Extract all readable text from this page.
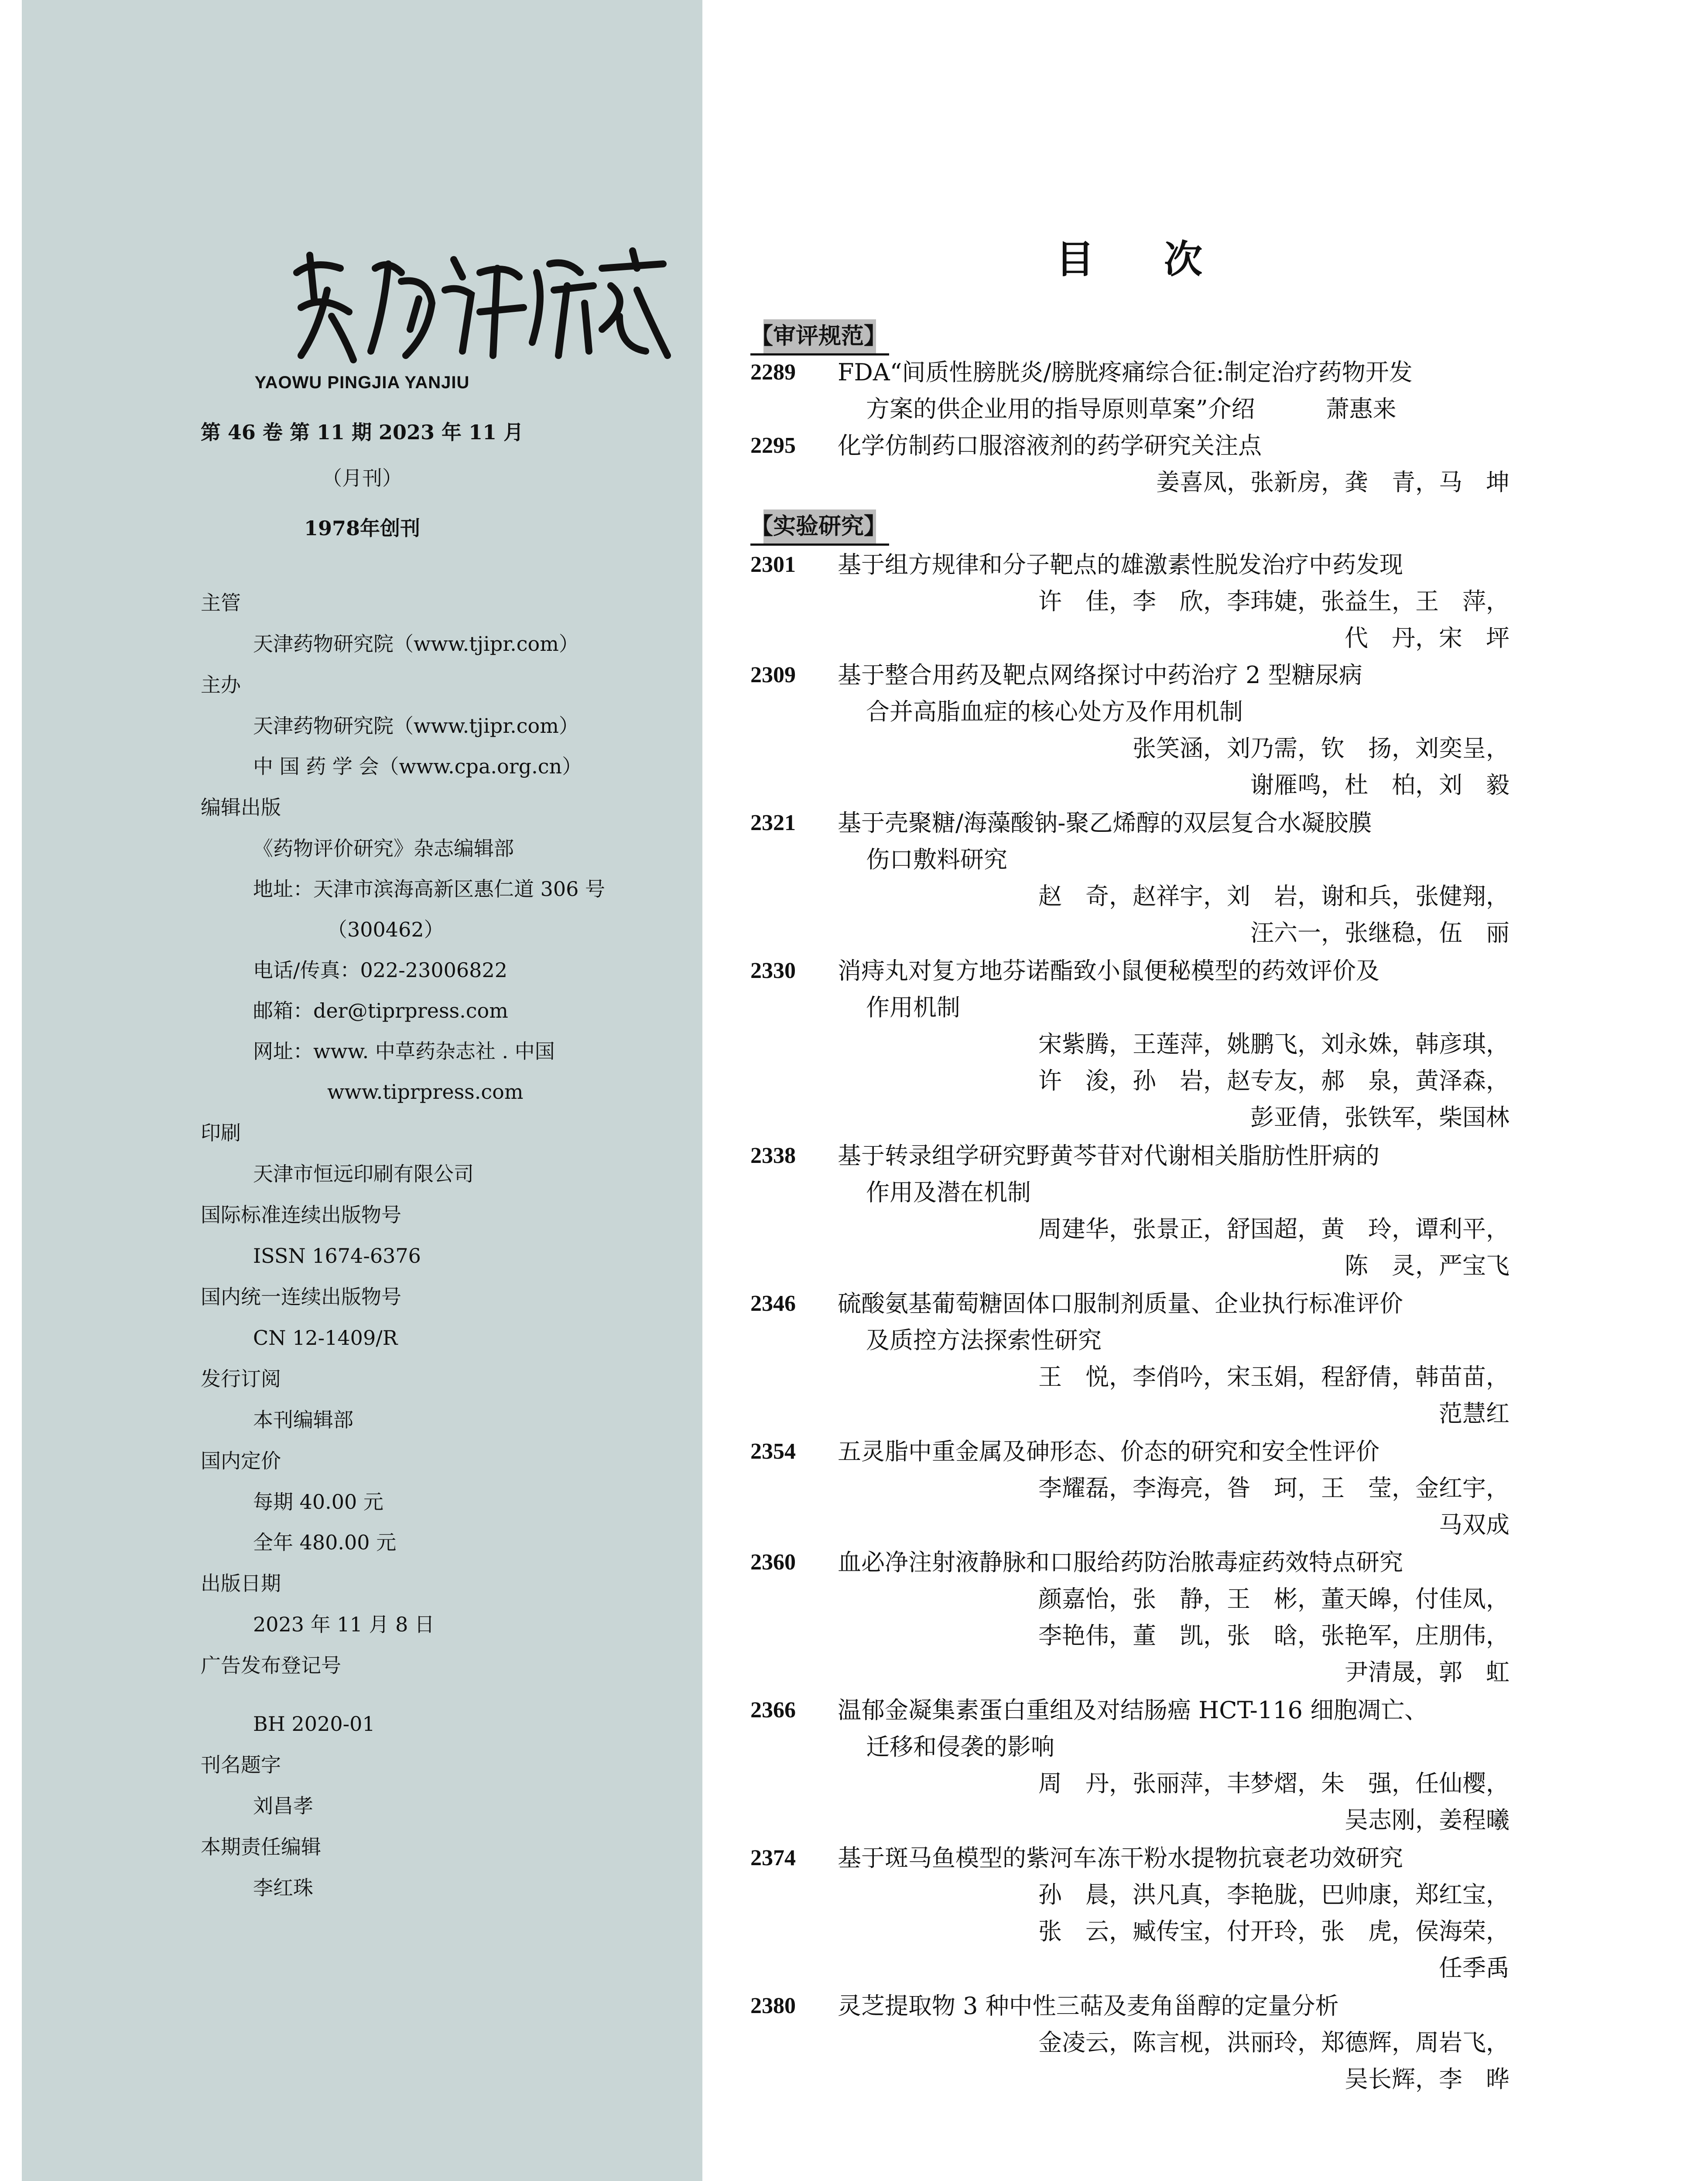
YAOWU PINGJIA YANJIU
第 46 卷 第 11 期 2023 年 11 月
（月刊）
1978年创刊
主管
天津药物研究院（www.tjipr.com）
主办
天津药物研究院（www.tjipr.com）
中 国 药 学 会（www.cpa.org.cn）
编辑出版
《药物评价研究》杂志编辑部
地址：天津市滨海高新区惠仁道 306 号
（300462）
电话/传真：022-23006822
邮箱：der@tiprpress.com
网址：www. 中草药杂志社 . 中国
www.tiprpress.com
印刷
天津市恒远印刷有限公司
国际标准连续出版物号
ISSN 1674-6376
国内统一连续出版物号
CN 12-1409/R
发行订阅
本刊编辑部
国内定价
每期 40.00 元
全年 480.00 元
出版日期
2023 年 11 月 8 日
广告发布登记号
BH 2020-01
刊名题字
刘昌孝
本期责任编辑
李红珠
目次
【审评规范】
2289 FDA“间质性膀胱炎/膀胱疼痛综合征:制定治疗药物开发
方案的供企业用的指导原则草案”介绍　　　萧惠来
2295 化学仿制药口服溶液剂的药学研究关注点
姜喜凤，张新房，龚　青，马　坤
【实验研究】
2301 基于组方规律和分子靶点的雄激素性脱发治疗中药发现
许　佳，李　欣，李玮婕，张益生，王　萍，
代　丹，宋　坪
2309 基于整合用药及靶点网络探讨中药治疗 2 型糖尿病
合并高脂血症的核心处方及作用机制
张笑涵，刘乃需，钦　扬，刘奕呈，
谢雁鸣，杜　柏，刘　毅
2321 基于壳聚糖/海藻酸钠-聚乙烯醇的双层复合水凝胶膜
伤口敷料研究
赵　奇，赵祥宇，刘　岩，谢和兵，张健翔，
汪六一，张继稳，伍　丽
2330 消痔丸对复方地芬诺酯致小鼠便秘模型的药效评价及
作用机制
宋紫腾，王莲萍，姚鹏飞，刘永姝，韩彦琪，
许　浚，孙　岩，赵专友，郝　泉，黄泽森，
彭亚倩，张铁军，柴国林
2338 基于转录组学研究野黄芩苷对代谢相关脂肪性肝病的
作用及潜在机制
周建华，张景正，舒国超，黄　玲，谭利平，
陈　灵，严宝飞
2346 硫酸氨基葡萄糖固体口服制剂质量、企业执行标准评价
及质控方法探索性研究
王　悦，李俏吟，宋玉娟，程舒倩，韩苗苗，
范慧红
2354 五灵脂中重金属及砷形态、价态的研究和安全性评价
李耀磊，李海亮，昝　珂，王　莹，金红宇，
马双成
2360 血必净注射液静脉和口服给药防治脓毒症药效特点研究
颜嘉怡，张　静，王　彬，董天皞，付佳凤，
李艳伟，董　凯，张　晗，张艳军，庄朋伟，
尹清晟，郭　虹
2366 温郁金凝集素蛋白重组及对结肠癌 HCT-116 细胞凋亡、
迁移和侵袭的影响
周　丹，张丽萍，丰梦熠，朱　强，任仙樱，
吴志刚，姜程曦
2374 基于斑马鱼模型的紫河车冻干粉水提物抗衰老功效研究
孙　晨，洪凡真，李艳胧，巴帅康，郑红宝，
张　云，臧传宝，付开玲，张　虎，侯海荣，
任季禹
2380 灵芝提取物 3 种中性三萜及麦角甾醇的定量分析
金凌云，陈言枧，洪丽玲，郑德辉，周岩飞，
吴长辉，李　晔
